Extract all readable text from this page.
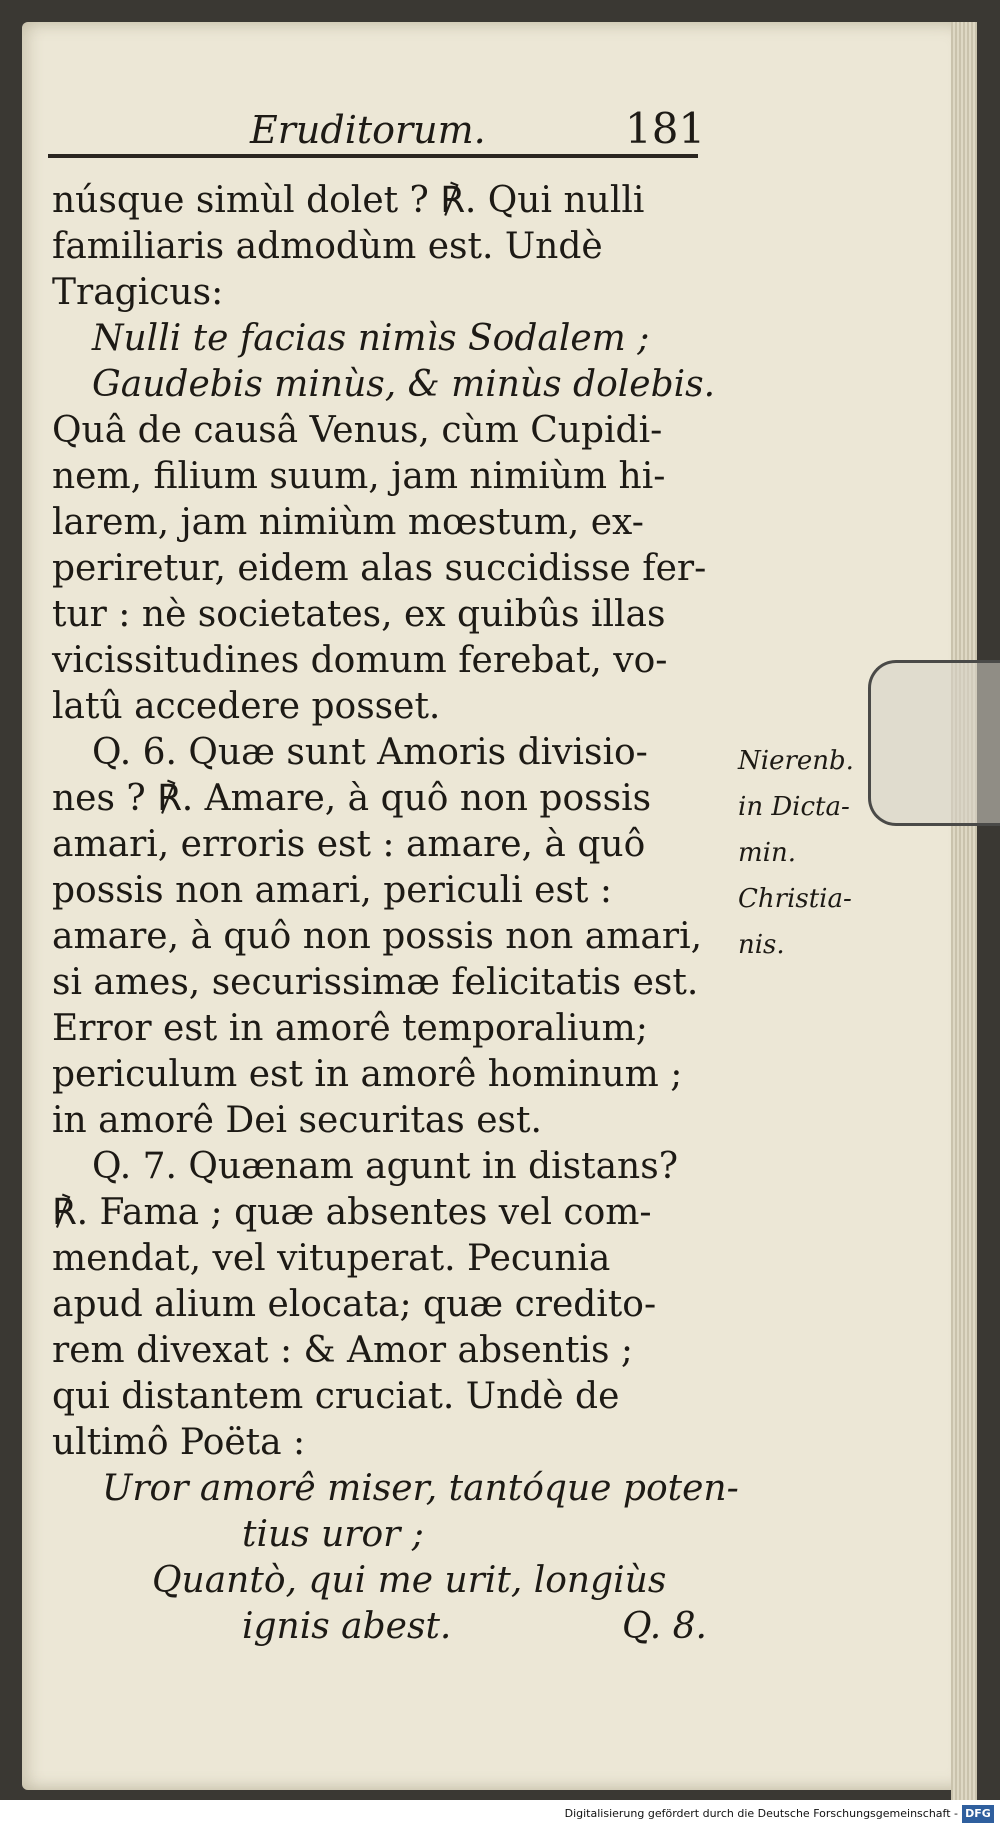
Eruditorum.	181
núsque simùl dolet ? ℟. Qui nulli
familiaris admodùm est. Undè
Tragicus:
Nulli te facias nimìs Sodalem ;
Gaudebis minùs, & minùs dolebis.
Quâ de causâ Venus, cùm Cupidi-
nem, filium suum, jam nimiùm hi-
larem, jam nimiùm mœstum, ex-
periretur, eidem alas succidisse fer-
tur : nè societates, ex quibûs illas
vicissitudines domum ferebat, vo-
latû accedere posset.
Q. 6. Quæ sunt Amoris divisio-
nes ? ℟. Amare, à quô non possis
amari, erroris est : amare, à quô
possis non amari, periculi est :
amare, à quô non possis non amari,
si ames, securissimæ felicitatis est.
Error est in amorê temporalium;
periculum est in amorê hominum ;
in amorê Dei securitas est.
Q. 7. Quænam agunt in distans?
℟. Fama ; quæ absentes vel com-
mendat, vel vituperat. Pecunia
apud alium elocata; quæ credito-
rem divexat : & Amor absentis ;
qui distantem cruciat. Undè de
ultimô Poëta :
Uror amorê miser, tantóque poten-
tius uror ;
Quantò, qui me urit, longiùs
ignis abest.	Q. 8.
Nierenb.
in Dicta-
min.
Christia-
nis.
Digitalisierung gefördert durch die Deutsche Forschungsgemeinschaft - DFG
